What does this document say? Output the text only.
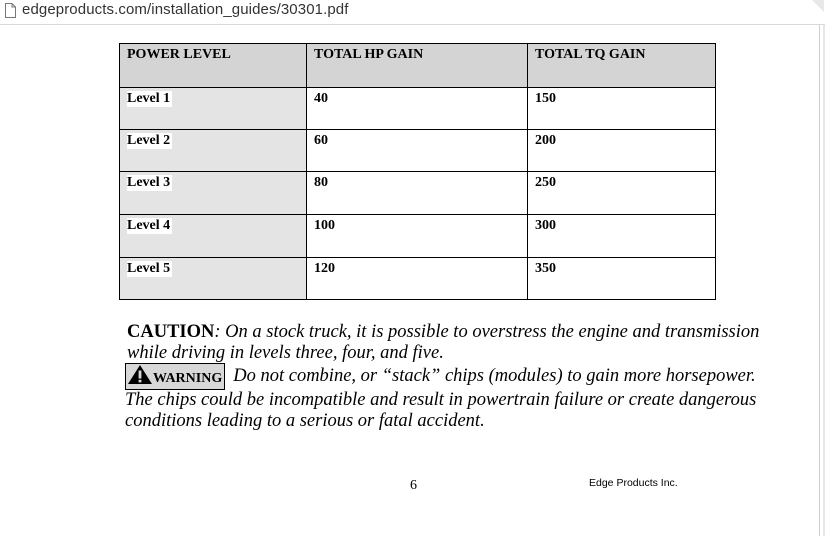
edgeproducts.com/installation_guides/30301.pdf
POWER LEVEL	TOTAL HP GAIN	TOTAL TQ GAIN
Level 1	40	150
Level 2	60	200
Level 3	80	250
Level 4	100	300
Level 5	120	350
CAUTION: On a stock truck, it is possible to overstress the engine and transmission while driving in levels three, four, and five.
WARNING Do not combine, or “stack” chips (modules) to gain more horsepower. The chips could be incompatible and result in powertrain failure or create dangerous conditions leading to a serious or fatal accident.
6	Edge Products Inc.
